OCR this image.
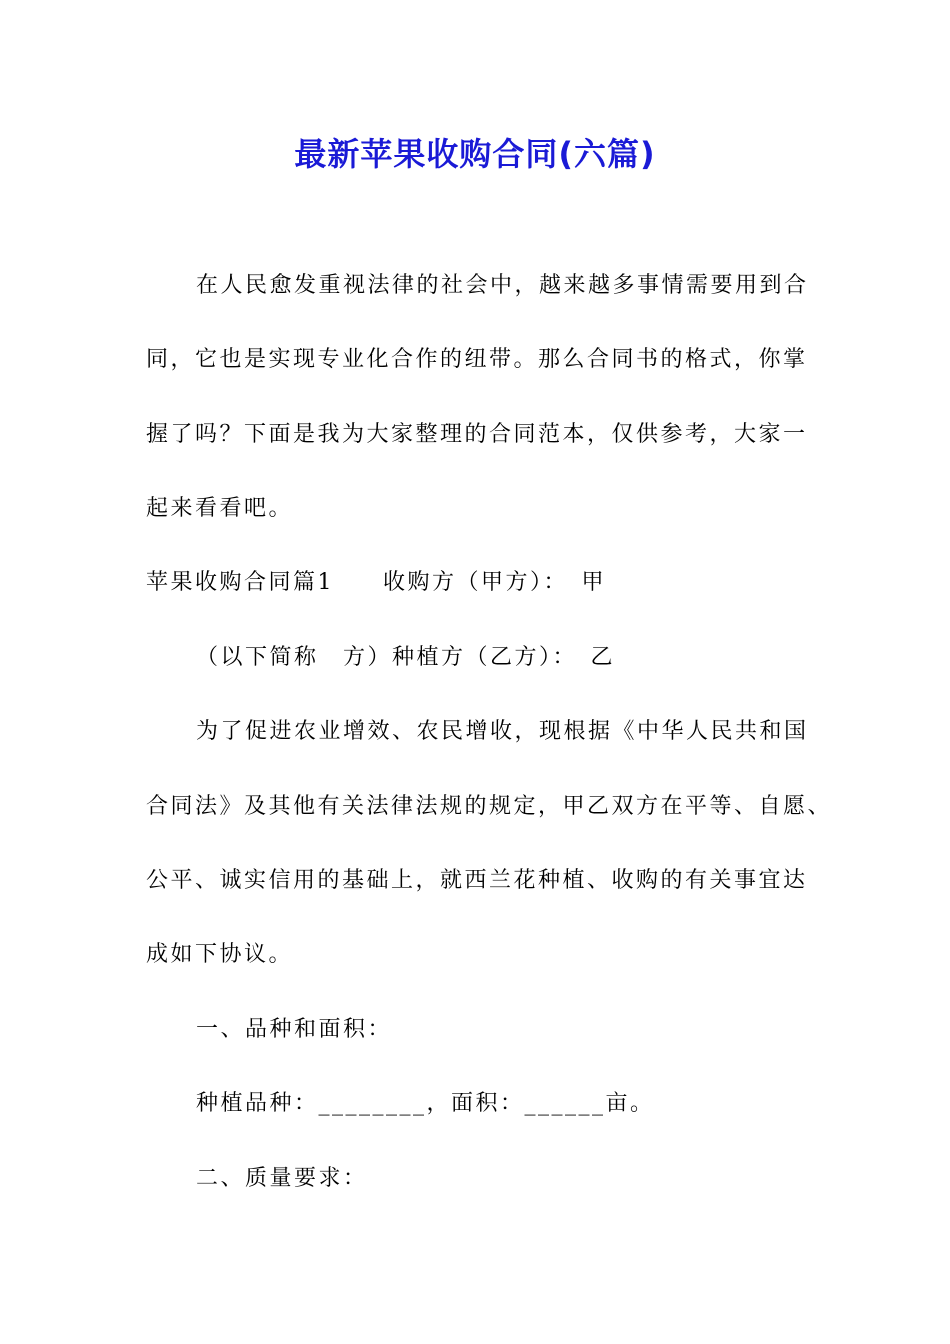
最新苹果收购合同(六篇)
在人民愈发重视法律的社会中，越来越多事情需要用到合
同，它也是实现专业化合作的纽带。那么合同书的格式，你掌
握了吗？下面是我为大家整理的合同范本，仅供参考，大家一
起来看看吧。
苹果收购合同篇1　　收购方（甲方）：　甲
（以下简称　方）种植方（乙方）：　乙
为了促进农业增效、农民增收，现根据《中华人民共和国
合同法》及其他有关法律法规的规定，甲乙双方在平等、自愿、
公平、诚实信用的基础上，就西兰花种植、收购的有关事宜达
成如下协议。
一、品种和面积：
种植品种：________，面积：______亩。
二、质量要求：
